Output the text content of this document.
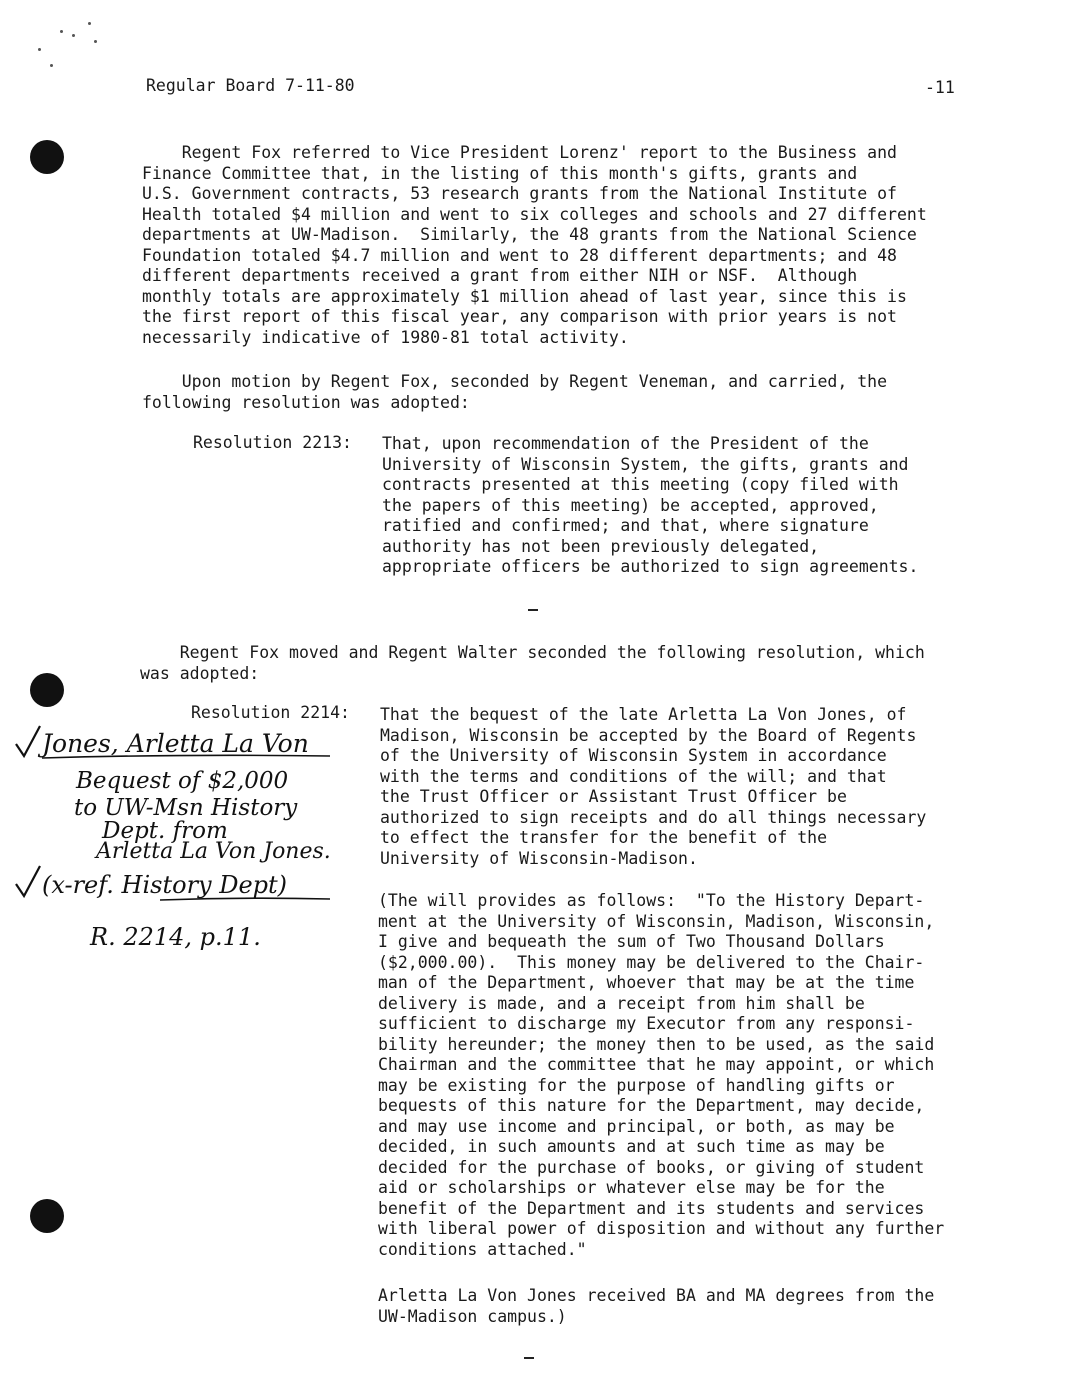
Regular Board 7-11-80	-11
Regent Fox referred to Vice President Lorenz' report to the Business and
Finance Committee that, in the listing of this month's gifts, grants and
U.S. Government contracts, 53 research grants from the National Institute of
Health totaled $4 million and went to six colleges and schools and 27 different
departments at UW-Madison.  Similarly, the 48 grants from the National Science
Foundation totaled $4.7 million and went to 28 different departments; and 48
different departments received a grant from either NIH or NSF.  Although
monthly totals are approximately $1 million ahead of last year, since this is
the first report of this fiscal year, any comparison with prior years is not
necessarily indicative of 1980-81 total activity.
Upon motion by Regent Fox, seconded by Regent Veneman, and carried, the
following resolution was adopted:
Resolution 2213: That, upon recommendation of the President of the
University of Wisconsin System, the gifts, grants and
contracts presented at this meeting (copy filed with
the papers of this meeting) be accepted, approved,
ratified and confirmed; and that, where signature
authority has not been previously delegated,
appropriate officers be authorized to sign agreements.
Regent Fox moved and Regent Walter seconded the following resolution, which
was adopted:
Resolution 2214: That the bequest of the late Arletta La Von Jones, of
Madison, Wisconsin be accepted by the Board of Regents
of the University of Wisconsin System in accordance
with the terms and conditions of the will; and that
the Trust Officer or Assistant Trust Officer be
authorized to sign receipts and do all things necessary
to effect the transfer for the benefit of the
University of Wisconsin-Madison.
(The will provides as follows:  "To the History Depart-
ment at the University of Wisconsin, Madison, Wisconsin,
I give and bequeath the sum of Two Thousand Dollars
($2,000.00).  This money may be delivered to the Chair-
man of the Department, whoever that may be at the time
delivery is made, and a receipt from him shall be
sufficient to discharge my Executor from any responsi-
bility hereunder; the money then to be used, as the said
Chairman and the committee that he may appoint, or which
may be existing for the purpose of handling gifts or
bequests of this nature for the Department, may decide,
and may use income and principal, or both, as may be
decided, in such amounts and at such time as may be
decided for the purchase of books, or giving of student
aid or scholarships or whatever else may be for the
benefit of the Department and its students and services
with liberal power of disposition and without any further
conditions attached."
Arletta La Von Jones received BA and MA degrees from the
UW-Madison campus.)
Jones, Arletta La Von
Bequest of $2,000
to UW-Msn History
Dept. from
Arletta La Von Jones.
(x-ref. History Dept)
R. 2214, p.11.
